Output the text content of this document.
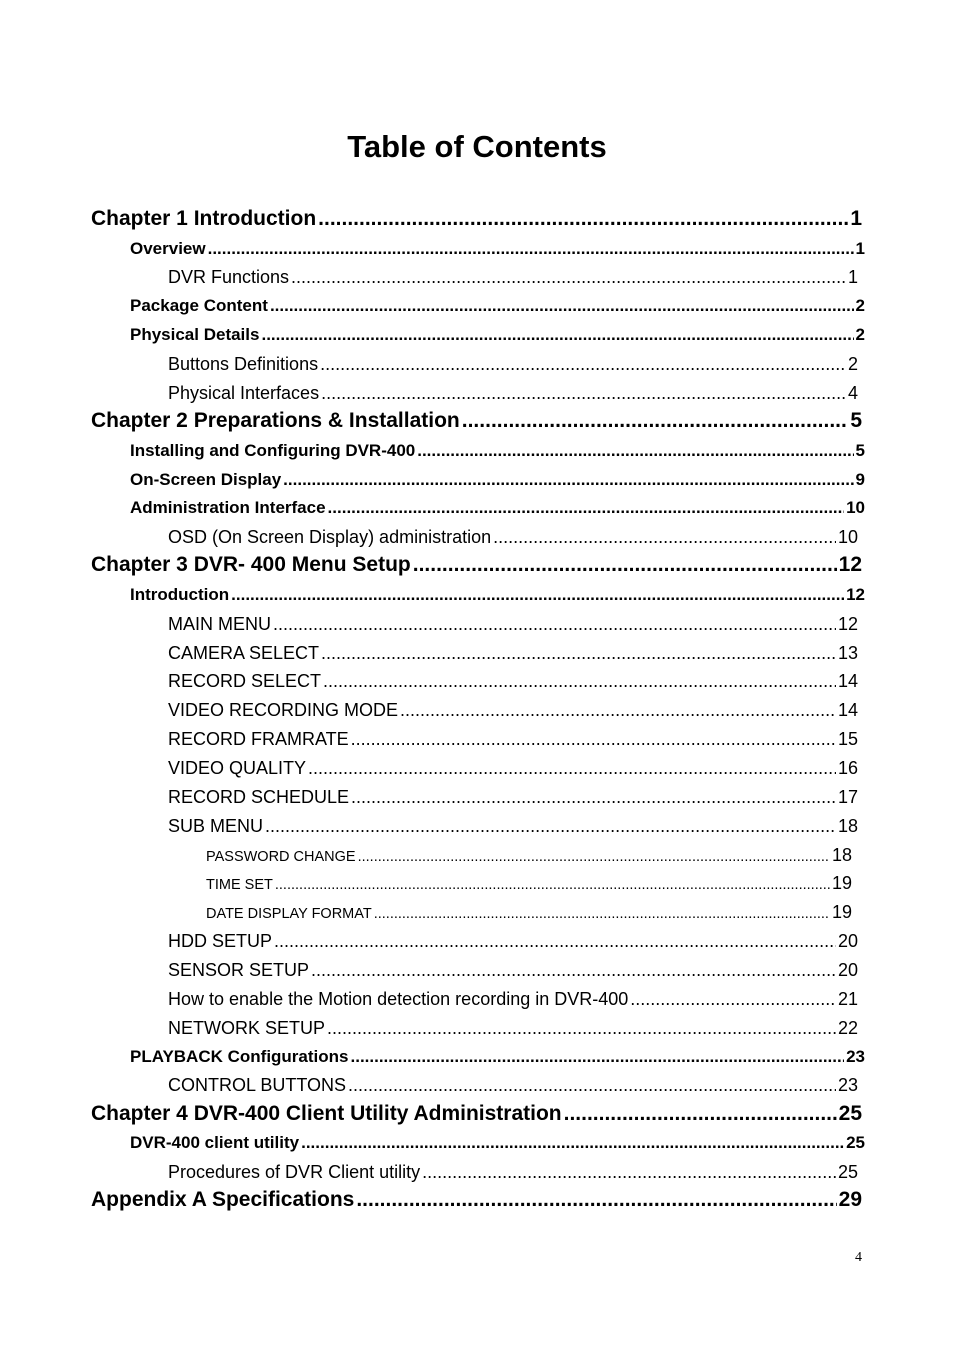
Table of Contents
Chapter 1 Introduction .....	1
Overview .....	1
DVR Functions .....	1
Package Content .....	2
Physical Details .....	2
Buttons Definitions .....	2
Physical Interfaces .....	4
Chapter 2 Preparations & Installation .....	5
Installing and Configuring DVR-400 .....	5
On-Screen Display .....	9
Administration Interface .....	10
OSD (On Screen Display) administration .....	10
Chapter 3 DVR- 400 Menu Setup .....	12
Introduction .....	12
MAIN MENU .....	12
CAMERA SELECT .....	13
RECORD SELECT .....	14
VIDEO RECORDING MODE .....	14
RECORD FRAMRATE .....	15
VIDEO QUALITY .....	16
RECORD SCHEDULE .....	17
SUB MENU .....	18
PASSWORD CHANGE .....	18
TIME SET .....	19
DATE DISPLAY FORMAT .....	19
HDD SETUP .....	20
SENSOR SETUP .....	20
How to enable the Motion detection recording in DVR-400 .....	21
NETWORK SETUP .....	22
PLAYBACK Configurations .....	23
CONTROL BUTTONS .....	23
Chapter 4 DVR-400 Client Utility Administration .....	25
DVR-400 client utility .....	25
Procedures of DVR Client utility .....	25
Appendix A Specifications .....	29
4
